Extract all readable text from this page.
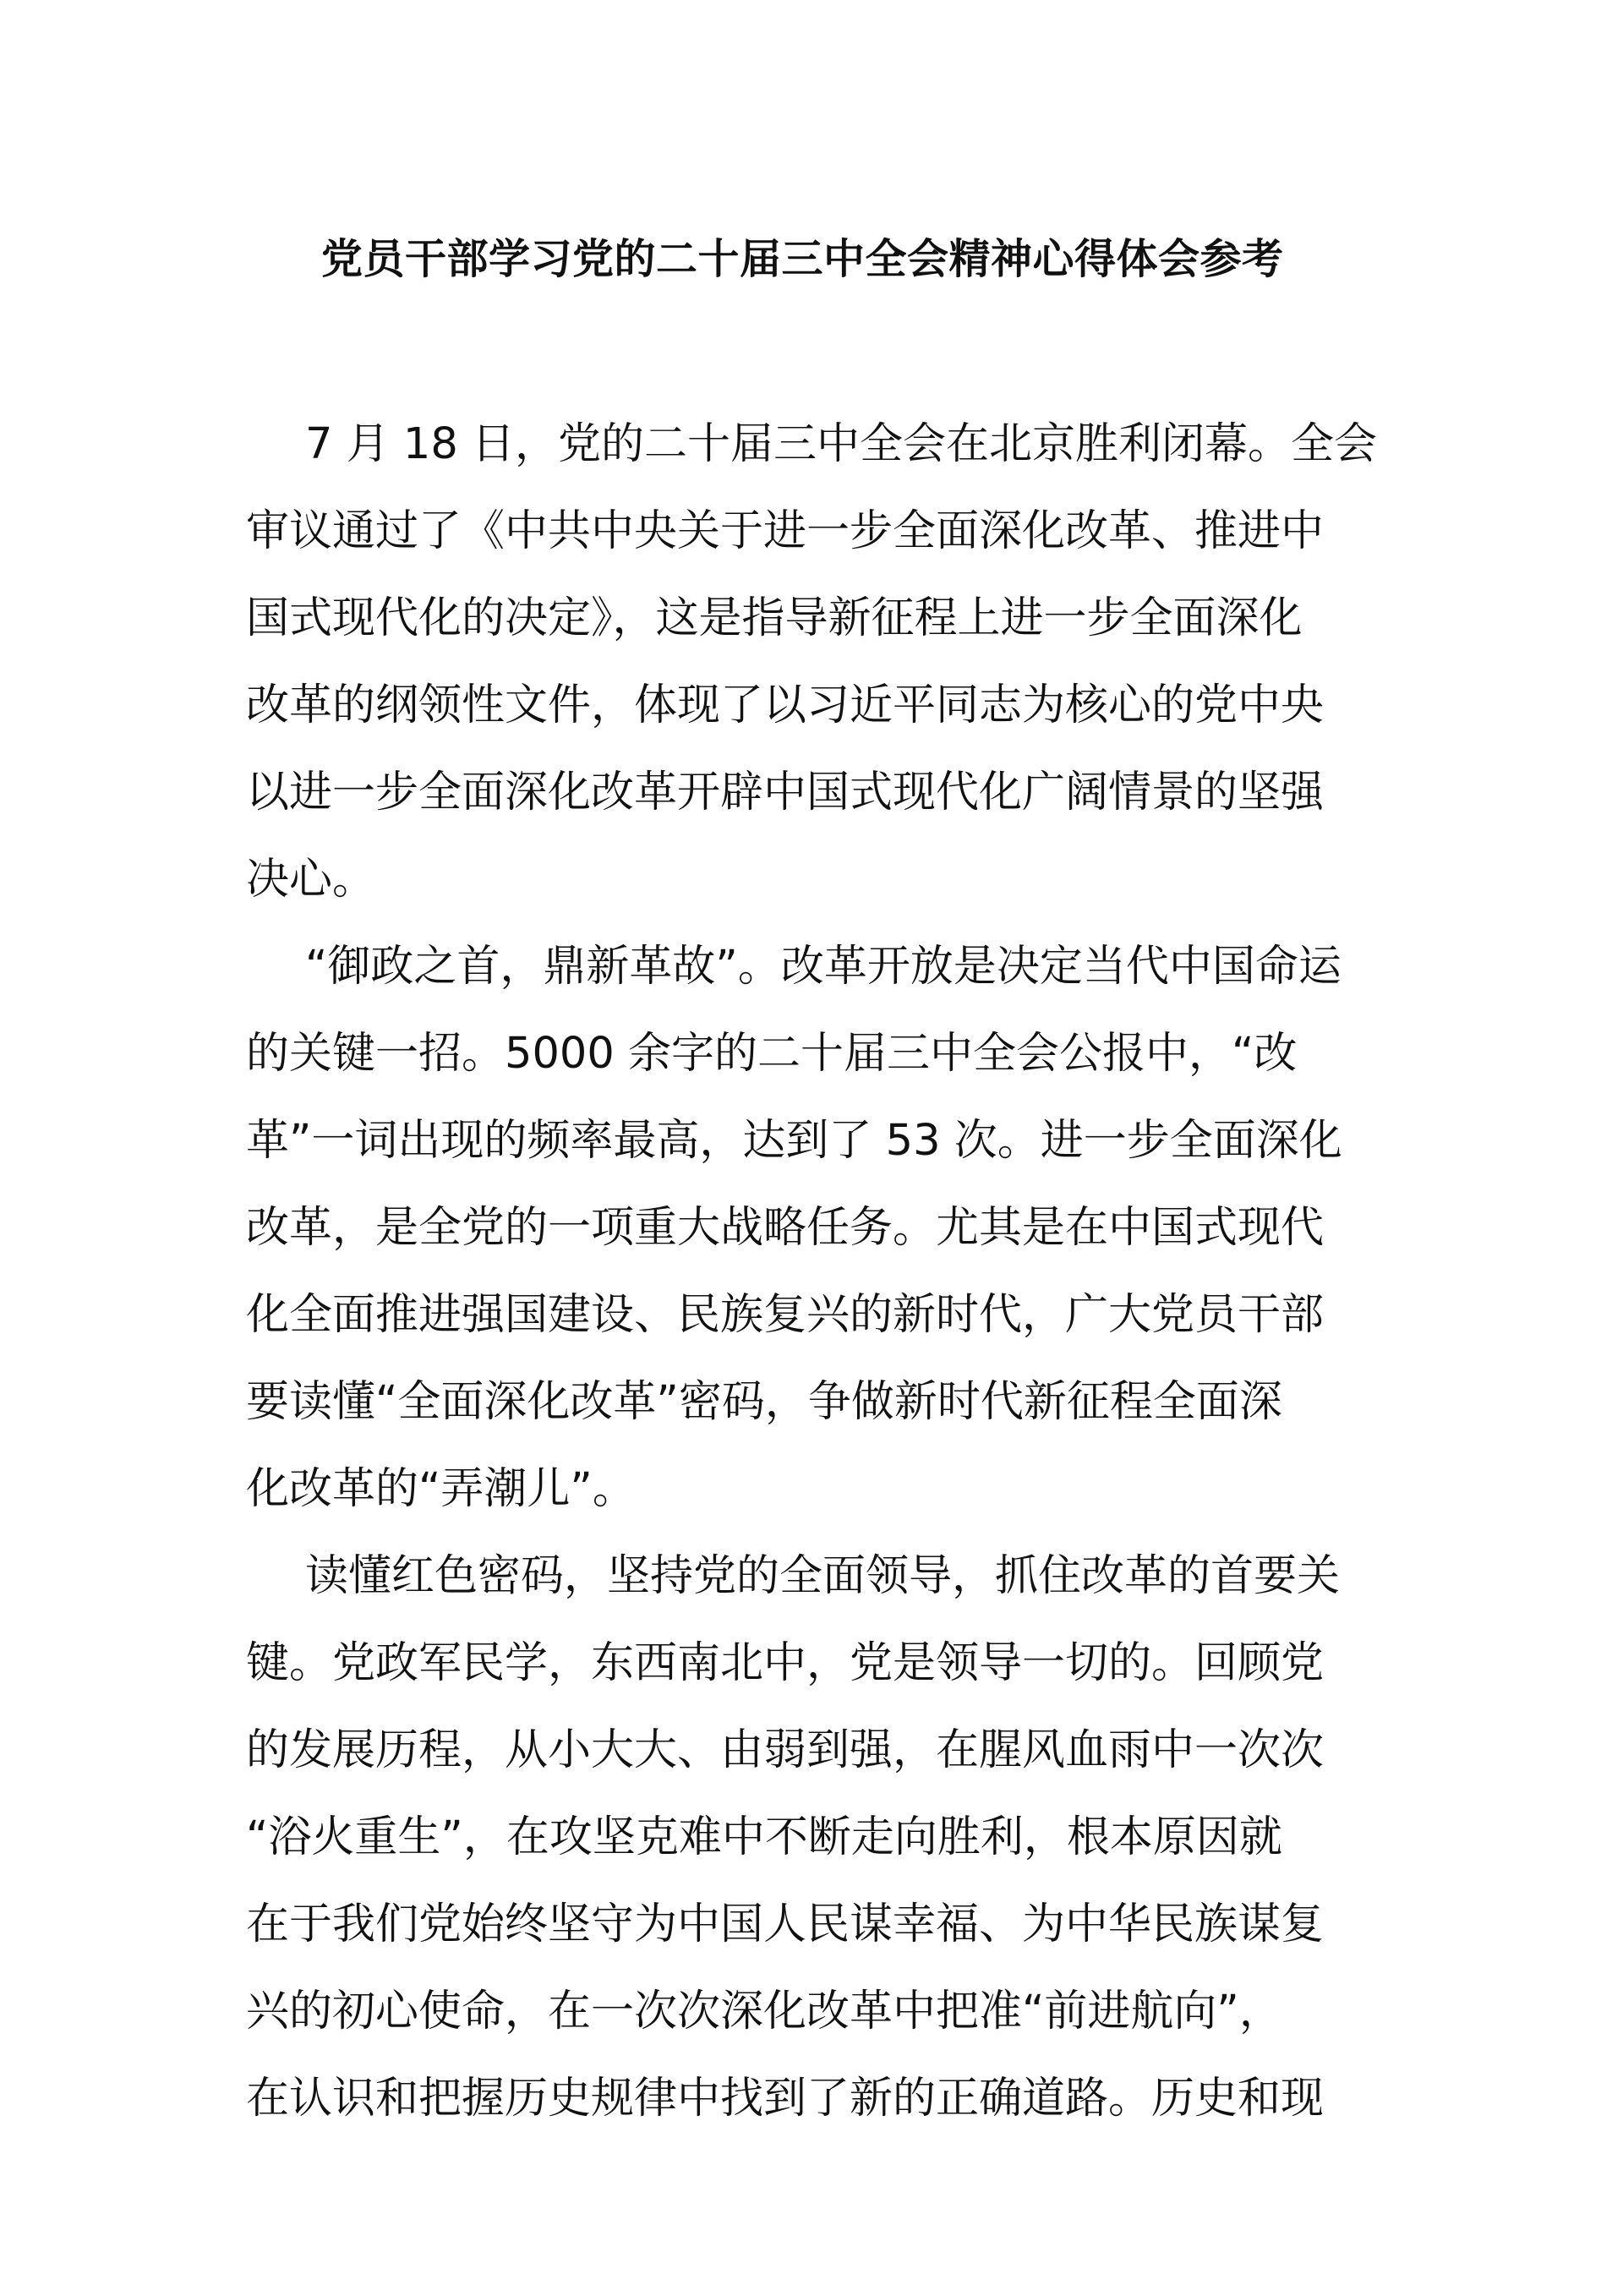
党员干部学习党的二十届三中全会精神心得体会参考
7 月 18 日，党的二十届三中全会在北京胜利闭幕。全会
审议通过了《中共中央关于进一步全面深化改革、推进中
国式现代化的决定》，这是指导新征程上进一步全面深化
改革的纲领性文件，体现了以习近平同志为核心的党中央
以进一步全面深化改革开辟中国式现代化广阔情景的坚强
决心。
“御政之首，鼎新革故”。改革开放是决定当代中国命运
的关键一招。5000 余字的二十届三中全会公报中，“改
革”一词出现的频率最高，达到了 53 次。进一步全面深化
改革，是全党的一项重大战略任务。尤其是在中国式现代
化全面推进强国建设、民族复兴的新时代，广大党员干部
要读懂“全面深化改革”密码，争做新时代新征程全面深
化改革的“弄潮儿”。
读懂红色密码，坚持党的全面领导，抓住改革的首要关
键。党政军民学，东西南北中，党是领导一切的。回顾党
的发展历程，从小大大、由弱到强，在腥风血雨中一次次
“浴火重生”，在攻坚克难中不断走向胜利，根本原因就
在于我们党始终坚守为中国人民谋幸福、为中华民族谋复
兴的初心使命，在一次次深化改革中把准“前进航向”，
在认识和把握历史规律中找到了新的正确道路。历史和现
